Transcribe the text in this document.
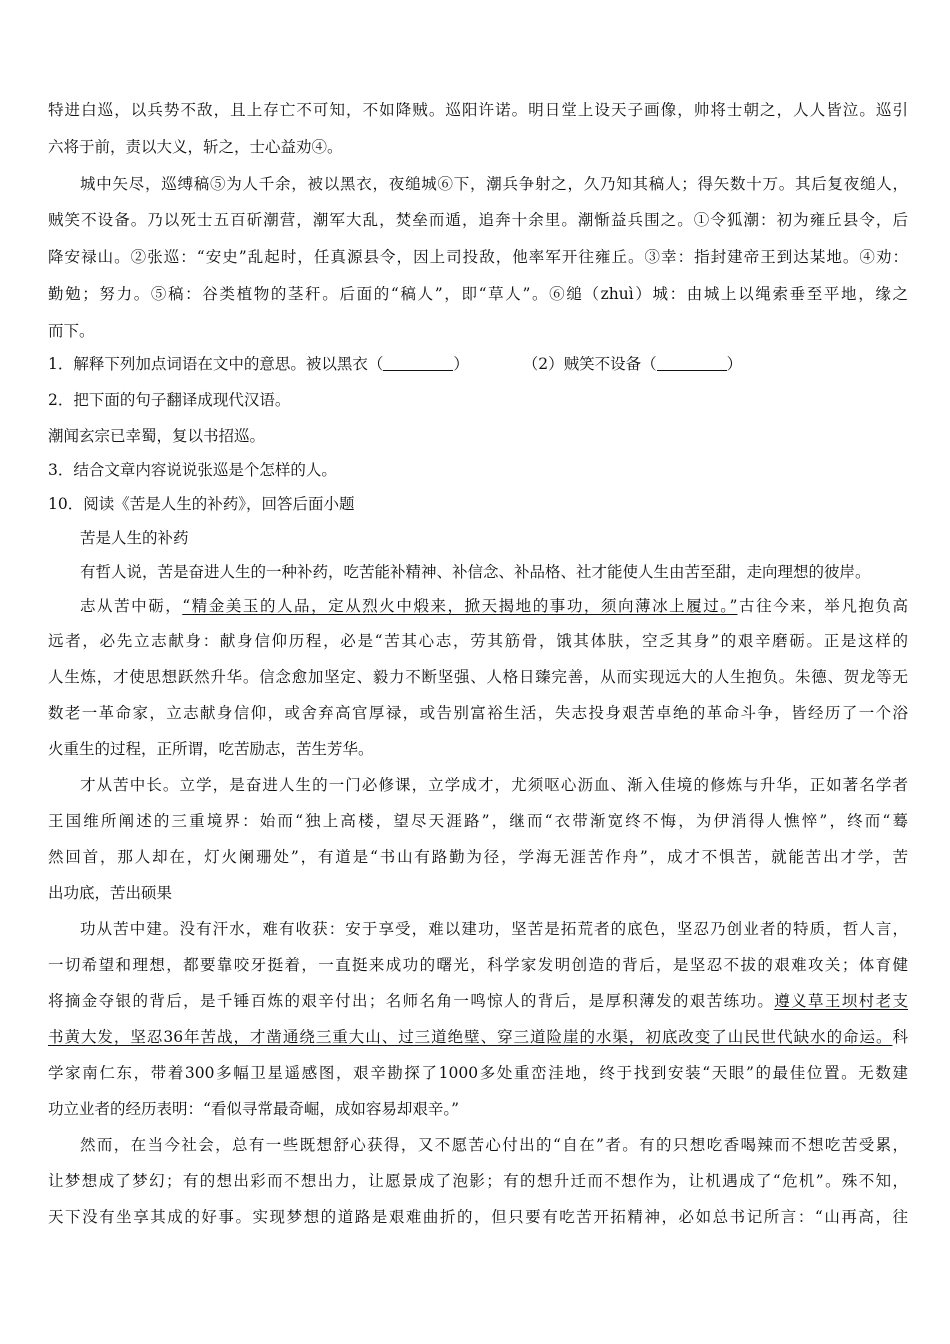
特进白巡，以兵势不敌，且上存亡不可知，不如降贼。巡阳许诺。明日堂上设天子画像，帅将士朝之，人人皆泣。巡引
六将于前，责以大义，斩之，士心益劝④。
城中矢尽，巡缚稿⑤为人千余，被以黑衣，夜缒城⑥下，潮兵争射之，久乃知其稿人；得矢数十万。其后复夜缒人，
贼笑不设备。乃以死士五百斫潮营，潮军大乱，焚垒而遁，追奔十余里。潮惭益兵围之。①令狐潮：初为雍丘县令，后
降安禄山。②张巡：“安史”乱起时，任真源县令，因上司投敌，他率军开往雍丘。③幸：指封建帝王到达某地。④劝：
勤勉；努力。⑤稿：谷类植物的茎秆。后面的“稿人”，即“草人”。⑥缒（zhuì）城：由城上以绳索垂至平地，缘之
而下。
1．解释下列加点词语在文中的意思。被以黑衣（	）	（2）贼笑不设备（	）
2．把下面的句子翻译成现代汉语。
潮闻玄宗已幸蜀，复以书招巡。
3．结合文章内容说说张巡是个怎样的人。
10．阅读《苦是人生的补药》，回答后面小题
苦是人生的补药
有哲人说，苦是奋进人生的一种补药，吃苦能补精神、补信念、补品格、社才能使人生由苦至甜，走向理想的彼岸。
志从苦中砺，“精金美玉的人品，定从烈火中煅来，掀天揭地的事功，须向薄冰上履过。”古往今来，举凡抱负高
远者，必先立志献身：献身信仰历程，必是“苦其心志，劳其筋骨，饿其体肤，空乏其身”的艰辛磨砺。正是这样的
人生炼，才使思想跃然升华。信念愈加坚定、毅力不断坚强、人格日臻完善，从而实现远大的人生抱负。朱德、贺龙等无
数老一革命家，立志献身信仰，或舍弃高官厚禄，或告别富裕生活，失志投身艰苦卓绝的革命斗争，皆经历了一个浴
火重生的过程，正所谓，吃苦励志，苦生芳华。
才从苦中长。立学，是奋进人生的一门必修课，立学成才，尤须呕心沥血、渐入佳境的修炼与升华，正如著名学者
王国维所阐述的三重境界：始而“独上高楼，望尽天涯路”，继而“衣带渐宽终不悔，为伊消得人憔悴”，终而“蓦
然回首，那人却在，灯火阑珊处”，有道是“书山有路勤为径，学海无涯苦作舟”，成才不惧苦，就能苦出才学，苦
出功底，苦出硕果
功从苦中建。没有汗水，难有收获：安于享受，难以建功，坚苦是拓荒者的底色，坚忍乃创业者的特质，哲人言，
一切希望和理想，都要靠咬牙挺着，一直挺来成功的曙光，科学家发明创造的背后，是坚忍不拔的艰难攻关；体育健
将摘金夺银的背后，是千锤百炼的艰辛付出；名师名角一鸣惊人的背后，是厚积薄发的艰苦练功。遵义草王坝村老支
书黄大发，坚忍36年苦战，才凿通绕三重大山、过三道绝壁、穿三道险崖的水渠，初底改变了山民世代缺水的命运。科
学家南仁东，带着300多幅卫星遥感图，艰辛勘探了1000多处重峦洼地，终于找到安装“天眼”的最佳位置。无数建
功立业者的经历表明：“看似寻常最奇崛，成如容易却艰辛。”
然而，在当今社会，总有一些既想舒心获得，又不愿苦心付出的“自在”者。有的只想吃香喝辣而不想吃苦受累，
让梦想成了梦幻；有的想出彩而不想出力，让愿景成了泡影；有的想升迁而不想作为，让机遇成了“危机”。殊不知，
天下没有坐享其成的好事。实现梦想的道路是艰难曲折的，但只要有吃苦开拓精神，必如总书记所言：“山再高，往
